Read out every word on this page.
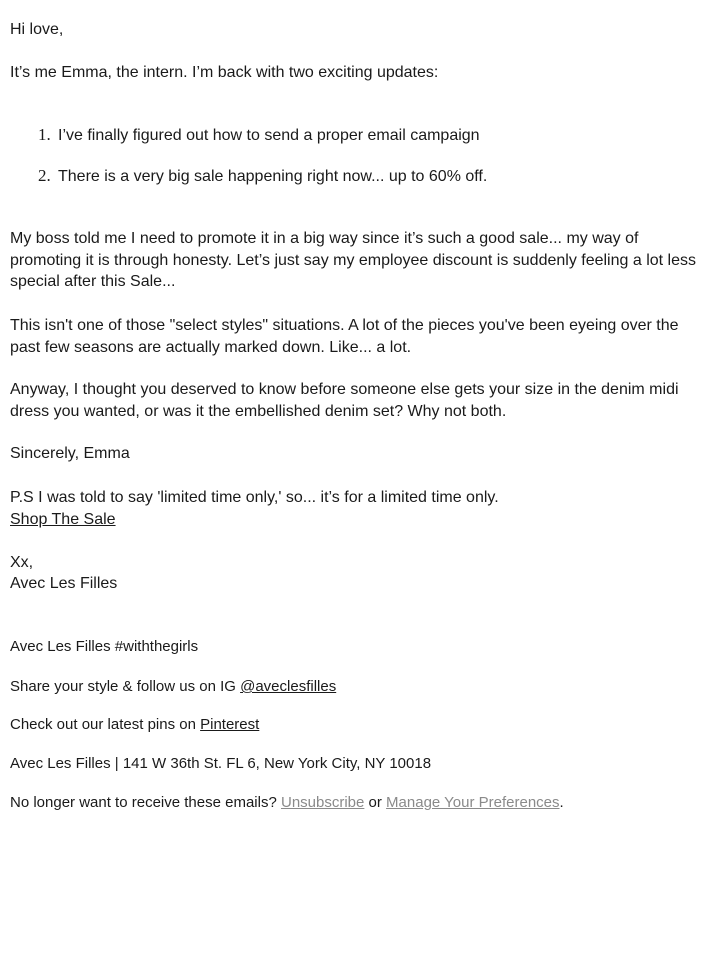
Hi love,

It’s me Emma, the intern. I’m back with two exciting updates:

1. I’ve finally figured out how to send a proper email campaign
2. There is a very big sale happening right now... up to 60% off.

My boss told me I need to promote it in a big way since it’s such a good sale... my way of promoting it is through honesty. Let’s just say my employee discount is suddenly feeling a lot less special after this Sale...

This isn't one of those "select styles" situations. A lot of the pieces you've been eyeing over the past few seasons are actually marked down. Like... a lot.

Anyway, I thought you deserved to know before someone else gets your size in the denim midi dress you wanted, or was it the embellished denim set? Why not both.

Sincerely, Emma

P.S I was told to say 'limited time only,' so... it’s for a limited time only.

Shop The Sale

Xx,

Avec Les Filles

Avec Les Filles #withthegirls

Share your style & follow us on IG @aveclesfilles

Check out our latest pins on Pinterest

Avec Les Filles | 141 W 36th St. FL 6, New York City, NY 10018

No longer want to receive these emails? Unsubscribe or Manage Your Preferences.
